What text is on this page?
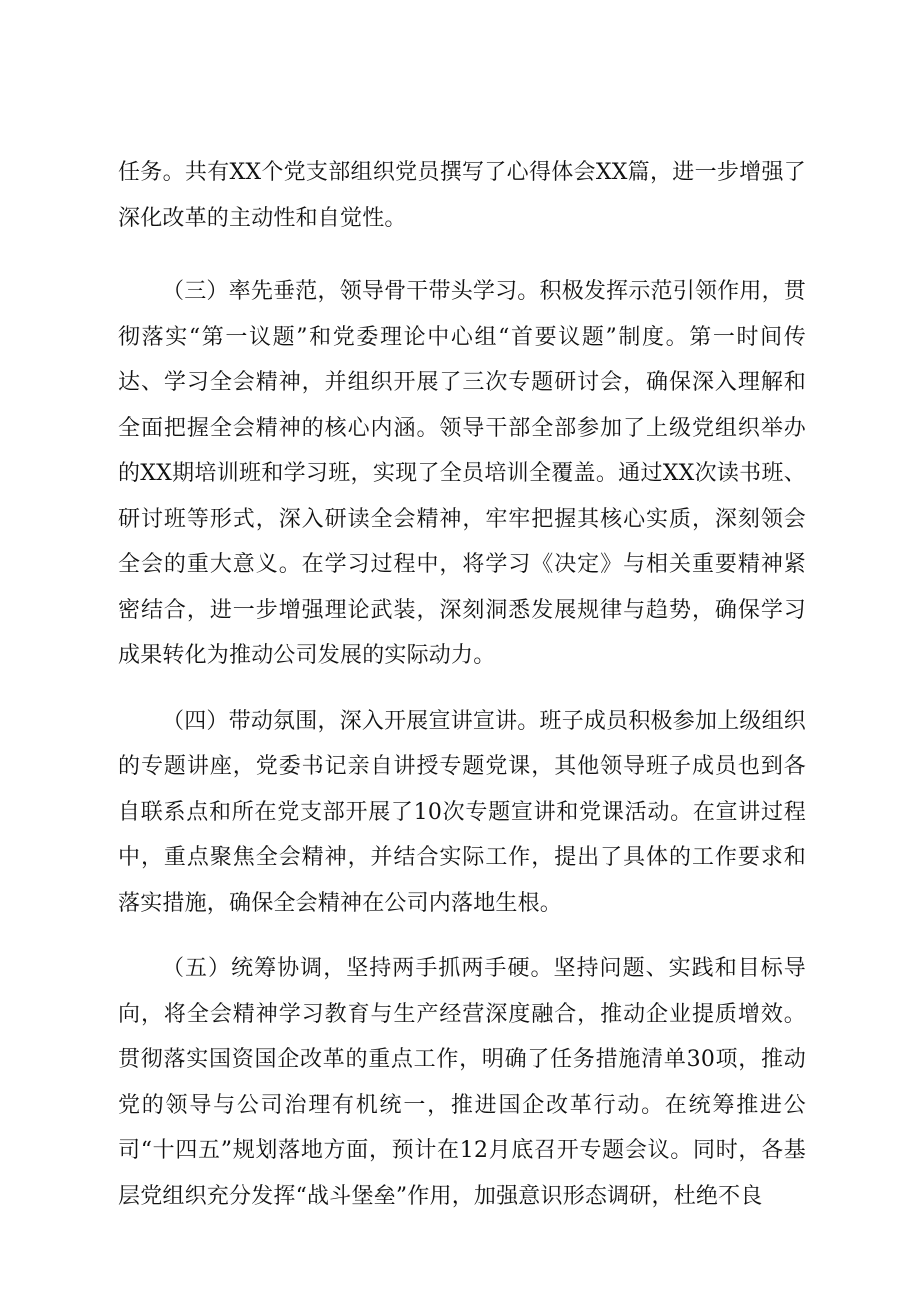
任务。共有XX个党支部组织党员撰写了心得体会XX篇，进一步增强了深化改革的主动性和自觉性。

（三）率先垂范，领导骨干带头学习。积极发挥示范引领作用，贯彻落实“第一议题”和党委理论中心组“首要议题”制度。第一时间传达、学习全会精神，并组织开展了三次专题研讨会，确保深入理解和全面把握全会精神的核心内涵。领导干部全部参加了上级党组织举办的XX期培训班和学习班，实现了全员培训全覆盖。通过XX次读书班、研讨班等形式，深入研读全会精神，牢牢把握其核心实质，深刻领会全会的重大意义。在学习过程中，将学习《决定》与相关重要精神紧密结合，进一步增强理论武装，深刻洞悉发展规律与趋势，确保学习成果转化为推动公司发展的实际动力。

（四）带动氛围，深入开展宣讲宣讲。班子成员积极参加上级组织的专题讲座，党委书记亲自讲授专题党课，其他领导班子成员也到各自联系点和所在党支部开展了10次专题宣讲和党课活动。在宣讲过程中，重点聚焦全会精神，并结合实际工作，提出了具体的工作要求和落实措施，确保全会精神在公司内落地生根。

（五）统筹协调，坚持两手抓两手硬。坚持问题、实践和目标导向，将全会精神学习教育与生产经营深度融合，推动企业提质增效。贯彻落实国资国企改革的重点工作，明确了任务措施清单30项，推动党的领导与公司治理有机统一，推进国企改革行动。在统筹推进公司“十四五”规划落地方面，预计在12月底召开专题会议。同时，各基层党组织充分发挥“战斗堡垒”作用，加强意识形态调研，杜绝不良
